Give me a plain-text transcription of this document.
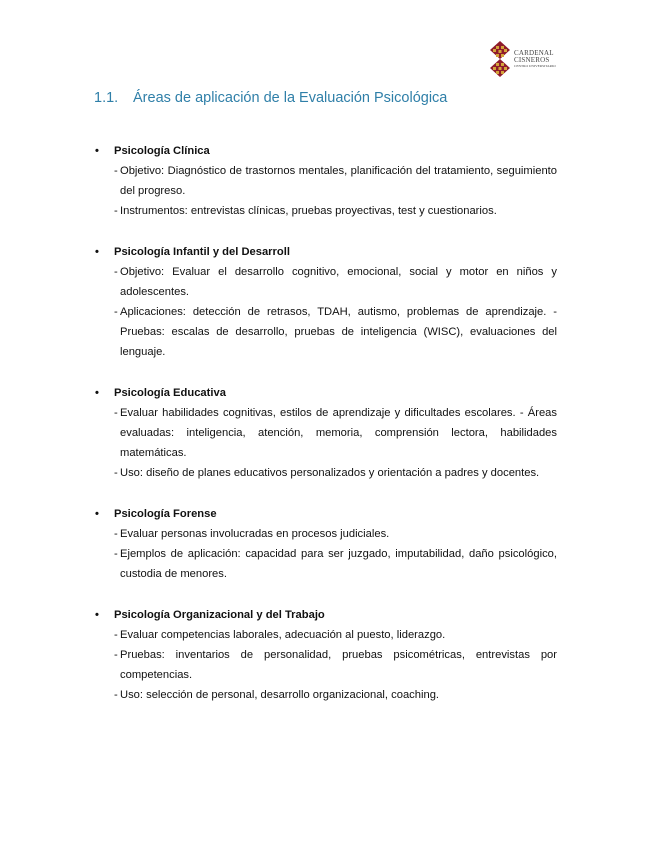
CARDENAL
CISNEROS
CENTRO UNIVERSITARIO
1.1. Áreas de aplicación de la Evaluación Psicológica
• Psicología Clínica
- Objetivo: Diagnóstico de trastornos mentales, planificación del tratamiento, seguimiento del progreso.
- Instrumentos: entrevistas clínicas, pruebas proyectivas, test y cuestionarios.
• Psicología Infantil y del Desarroll
- Objetivo: Evaluar el desarrollo cognitivo, emocional, social y motor en niños y adolescentes.
- Aplicaciones: detección de retrasos, TDAH, autismo, problemas de aprendizaje. - Pruebas: escalas de desarrollo, pruebas de inteligencia (WISC), evaluaciones del lenguaje.
• Psicología Educativa
- Evaluar habilidades cognitivas, estilos de aprendizaje y dificultades escolares. - Áreas evaluadas: inteligencia, atención, memoria, comprensión lectora, habilidades matemáticas.
- Uso: diseño de planes educativos personalizados y orientación a padres y docentes.
• Psicología Forense
- Evaluar personas involucradas en procesos judiciales.
- Ejemplos de aplicación: capacidad para ser juzgado, imputabilidad, daño psicológico, custodia de menores.
• Psicología Organizacional y del Trabajo
- Evaluar competencias laborales, adecuación al puesto, liderazgo.
- Pruebas: inventarios de personalidad, pruebas psicométricas, entrevistas por competencias.
- Uso: selección de personal, desarrollo organizacional, coaching.
